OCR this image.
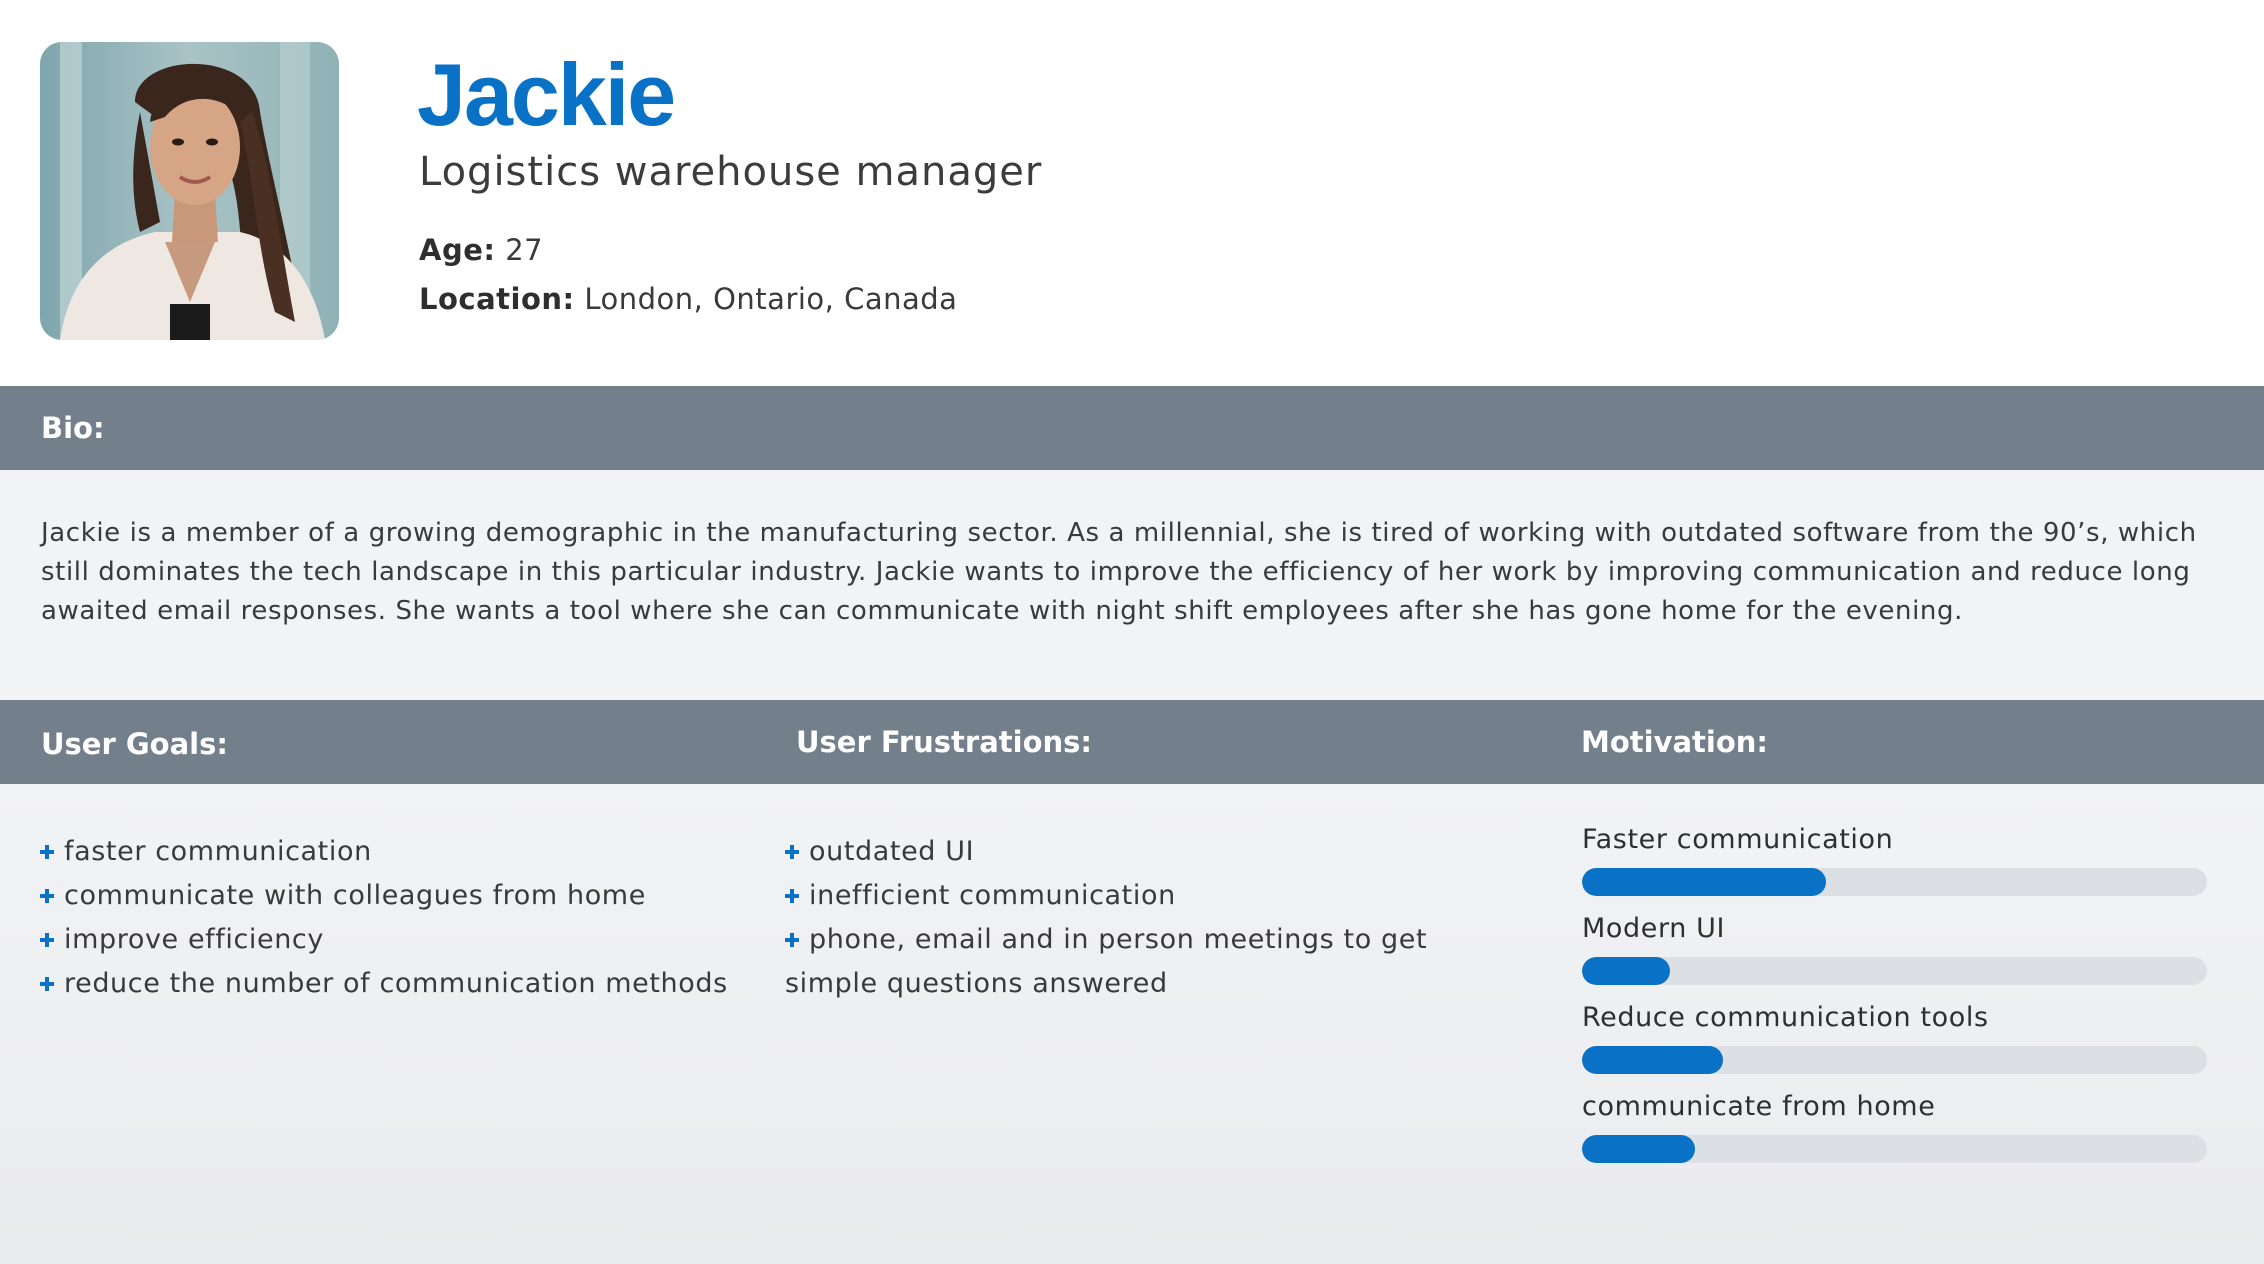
Jackie
Logistics warehouse manager
Age: 27
Location: London, Ontario, Canada
Bio:

Jackie is a member of a growing demographic in the manufacturing sector. As a millennial, she is tired of working with outdated software from the 90’s, which still dominates the tech landscape in this particular industry. Jackie wants to improve the efficiency of her work by improving communication and reduce long awaited email responses. She wants a tool where she can communicate with night shift employees after she has gone home for the evening.

User Goals:	User Frustrations:	Motivation:
faster communication
communicate with colleagues from home
improve efficiency
reduce the number of communication methods
outdated UI
inefficient communication
phone, email and in person meetings to get simple questions answered
Faster communication
Modern UI
Reduce communication tools
communicate from home
